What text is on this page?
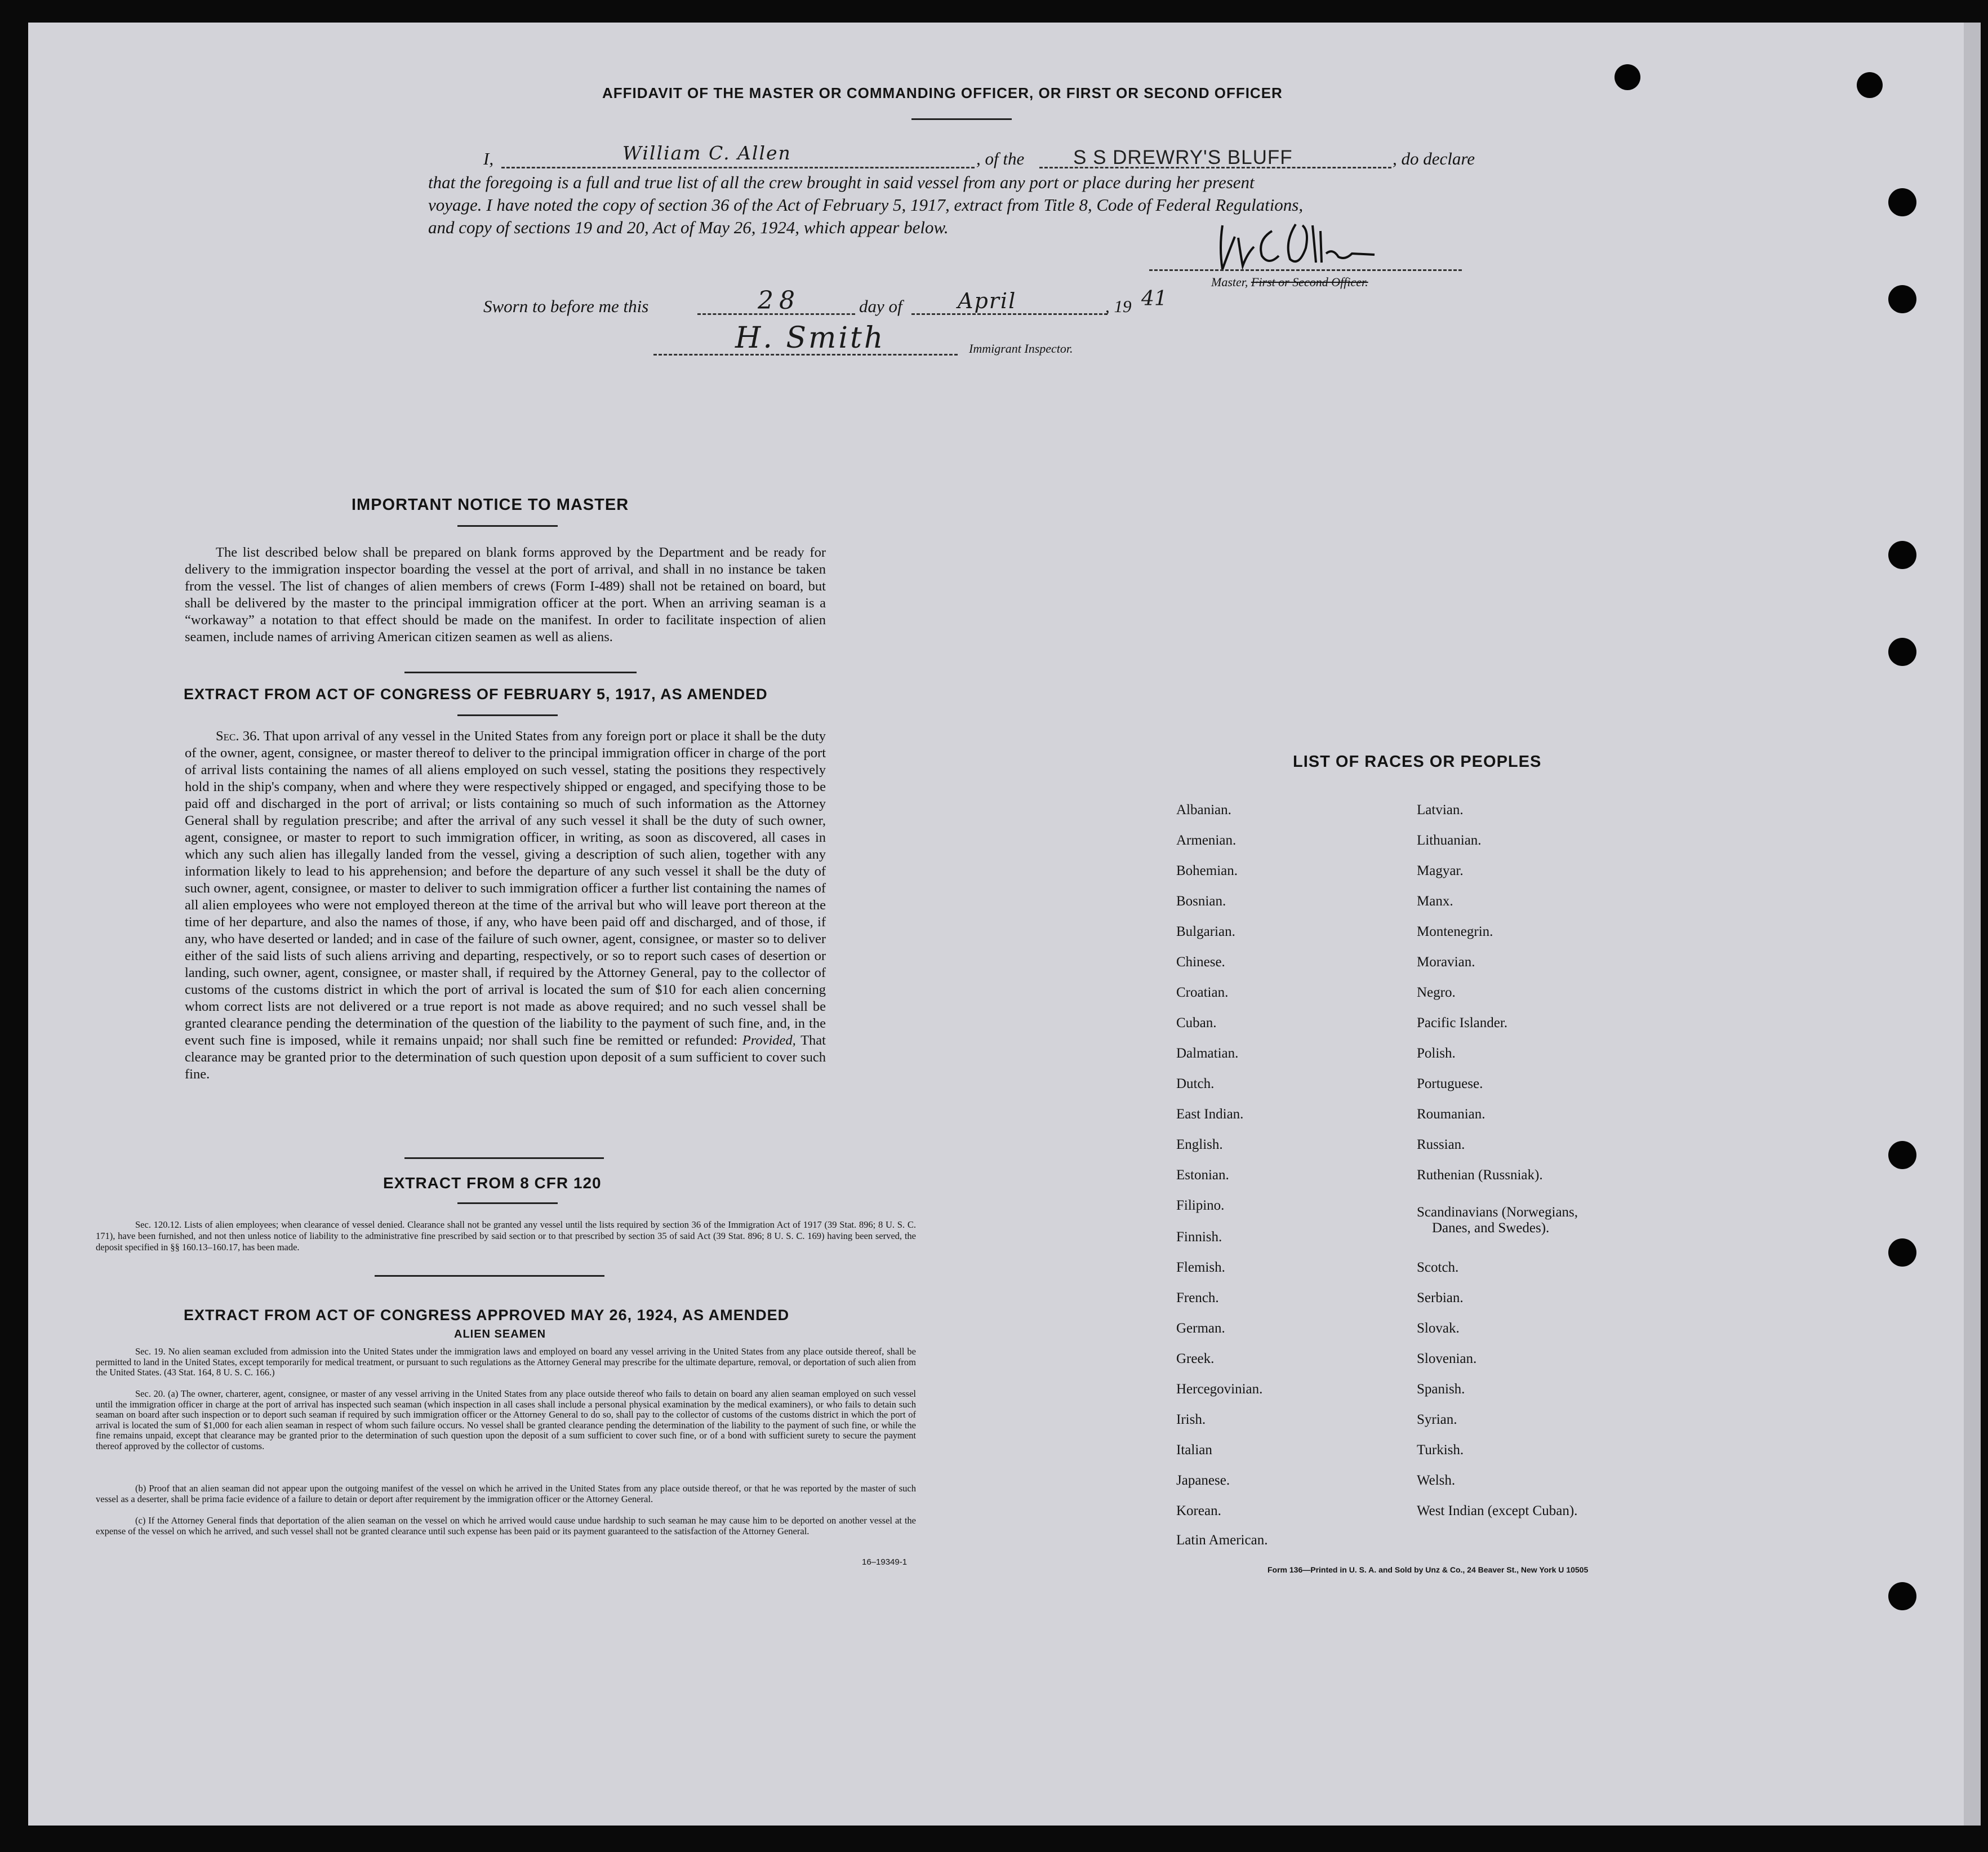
AFFIDAVIT OF THE MASTER OR COMMANDING OFFICER, OR FIRST OR SECOND OFFICER
I,	William C. Allen	, of the S S DREWRY'S BLUFF	, do declare
that the foregoing is a full and true list of all the crew brought in said vessel from any port or place during her present
voyage. I have noted the copy of section 36 of the Act of February 5, 1917, extract from Title 8, Code of Federal Regulations,
and copy of sections 19 and 20, Act of May 26, 1924, which appear below.
Master, First or Second Officer.
Sworn to before me this	28	day of	April	, 19 41
H. Smith	Immigrant Inspector.
IMPORTANT NOTICE TO MASTER
The list described below shall be prepared on blank forms approved by the Department and be ready for delivery to the immigration inspector boarding the vessel at the port of arrival, and shall in no instance be taken from the vessel. The list of changes of alien members of crews (Form I-489) shall not be retained on board, but shall be delivered by the master to the principal immigration officer at the port. When an arriving seaman is a “workaway” a notation to that effect should be made on the manifest. In order to facilitate inspection of alien seamen, include names of arriving American citizen seamen as well as aliens.
EXTRACT FROM ACT OF CONGRESS OF FEBRUARY 5, 1917, AS AMENDED
Sec. 36. That upon arrival of any vessel in the United States from any foreign port or place it shall be the duty of the owner, agent, consignee, or master thereof to deliver to the principal immigration officer in charge of the port of arrival lists containing the names of all aliens employed on such vessel, stating the positions they respectively hold in the ship's company, when and where they were respectively shipped or engaged, and specifying those to be paid off and discharged in the port of arrival; or lists containing so much of such information as the Attorney General shall by regulation prescribe; and after the arrival of any such vessel it shall be the duty of such owner, agent, consignee, or master to report to such immigration officer, in writing, as soon as discovered, all cases in which any such alien has illegally landed from the vessel, giving a description of such alien, together with any information likely to lead to his apprehension; and before the departure of any such vessel it shall be the duty of such owner, agent, consignee, or master to deliver to such immigration officer a further list containing the names of all alien employees who were not employed thereon at the time of the arrival but who will leave port thereon at the time of her departure, and also the names of those, if any, who have been paid off and discharged, and of those, if any, who have deserted or landed; and in case of the failure of such owner, agent, consignee, or master so to deliver either of the said lists of such aliens arriving and departing, respectively, or so to report such cases of desertion or landing, such owner, agent, consignee, or master shall, if required by the Attorney General, pay to the collector of customs of the customs district in which the port of arrival is located the sum of $10 for each alien concerning whom correct lists are not delivered or a true report is not made as above required; and no such vessel shall be granted clearance pending the determination of the question of the liability to the payment of such fine, and, in the event such fine is imposed, while it remains unpaid; nor shall such fine be remitted or refunded: Provided, That clearance may be granted prior to the determination of such question upon deposit of a sum sufficient to cover such fine.
EXTRACT FROM 8 CFR 120
Sec. 120.12. Lists of alien employees; when clearance of vessel denied. Clearance shall not be granted any vessel until the lists required by section 36 of the Immigration Act of 1917 (39 Stat. 896; 8 U. S. C. 171), have been furnished, and not then unless notice of liability to the administrative fine prescribed by said section or to that prescribed by section 35 of said Act (39 Stat. 896; 8 U. S. C. 169) having been served, the deposit specified in §§ 160.13–160.17, has been made.
EXTRACT FROM ACT OF CONGRESS APPROVED MAY 26, 1924, AS AMENDED
ALIEN SEAMEN
Sec. 19. No alien seaman excluded from admission into the United States under the immigration laws and employed on board any vessel arriving in the United States from any place outside thereof, shall be permitted to land in the United States, except temporarily for medical treatment, or pursuant to such regulations as the Attorney General may prescribe for the ultimate departure, removal, or deportation of such alien from the United States. (43 Stat. 164, 8 U. S. C. 166.)
Sec. 20. (a) The owner, charterer, agent, consignee, or master of any vessel arriving in the United States from any place outside thereof who fails to detain on board any alien seaman employed on such vessel until the immigration officer in charge at the port of arrival has inspected such seaman (which inspection in all cases shall include a personal physical examination by the medical examiners), or who fails to detain such seaman on board after such inspection or to deport such seaman if required by such immigration officer or the Attorney General to do so, shall pay to the collector of customs of the customs district in which the port of arrival is located the sum of $1,000 for each alien seaman in respect of whom such failure occurs. No vessel shall be granted clearance pending the determination of the liability to the payment of such fine, or while the fine remains unpaid, except that clearance may be granted prior to the determination of such question upon the deposit of a sum sufficient to cover such fine, or of a bond with sufficient surety to secure the payment thereof approved by the collector of customs.
(b) Proof that an alien seaman did not appear upon the outgoing manifest of the vessel on which he arrived in the United States from any place outside thereof, or that he was reported by the master of such vessel as a deserter, shall be prima facie evidence of a failure to detain or deport after requirement by the immigration officer or the Attorney General.
(c) If the Attorney General finds that deportation of the alien seaman on the vessel on which he arrived would cause undue hardship to such seaman he may cause him to be deported on another vessel at the expense of the vessel on which he arrived, and such vessel shall not be granted clearance until such expense has been paid or its payment guaranteed to the satisfaction of the Attorney General.
16–19349-1
LIST OF RACES OR PEOPLES
Albanian.
Armenian.
Bohemian.
Bosnian.
Bulgarian.
Chinese.
Croatian.
Cuban.
Dalmatian.
Dutch.
East Indian.
English.
Estonian.
Filipino.
Finnish.
Flemish.
French.
German.
Greek.
Hercegovinian.
Irish.
Italian
Japanese.
Korean.
Latin American.
Latvian.
Lithuanian.
Magyar.
Manx.
Montenegrin.
Moravian.
Negro.
Pacific Islander.
Polish.
Portuguese.
Roumanian.
Russian.
Ruthenian (Russniak).
Scandinavians (Norwegians,
Danes, and Swedes).
Scotch.
Serbian.
Slovak.
Slovenian.
Spanish.
Syrian.
Turkish.
Welsh.
West Indian (except Cuban).
Form 136—Printed in U. S. A. and Sold by Unz & Co., 24 Beaver St., New York U 10505
